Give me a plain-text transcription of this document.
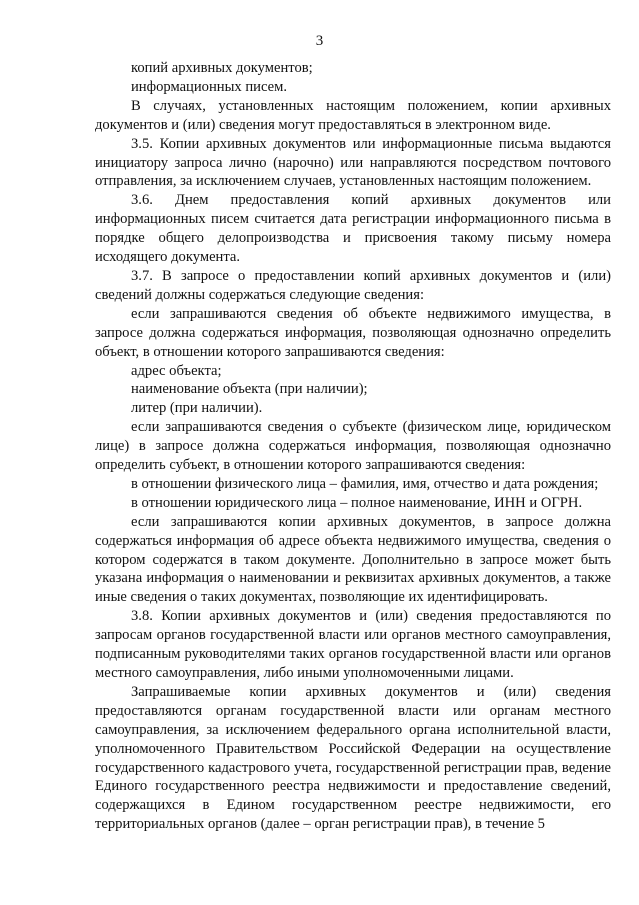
3

копий архивных документов;

информационных писем.

В случаях, установленных настоящим положением, копии архивных документов и (или) сведения могут предоставляться в электронном виде.

3.5. Копии архивных документов или информационные письма выдаются инициатору запроса лично (нарочно) или направляются посредством почтового отправления, за исключением случаев, установленных настоящим положением.

3.6. Днем предоставления копий архивных документов или информационных писем считается дата регистрации информационного письма в порядке общего делопроизводства и присвоения такому письму номера исходящего документа.

3.7. В запросе о предоставлении копий архивных документов и (или) сведений должны содержаться следующие сведения:

если запрашиваются сведения об объекте недвижимого имущества, в запросе должна содержаться информация, позволяющая однозначно определить объект, в отношении которого запрашиваются сведения:

адрес объекта;

наименование объекта (при наличии);

литер (при наличии).

если запрашиваются сведения о субъекте (физическом лице, юридическом лице) в запросе должна содержаться информация, позволяющая однозначно определить субъект, в отношении которого запрашиваются сведения:

в отношении физического лица – фамилия, имя, отчество и дата рождения;

в отношении юридического лица – полное наименование, ИНН и ОГРН.

если запрашиваются копии архивных документов, в запросе должна содержаться информация об адресе объекта недвижимого имущества, сведения о котором содержатся в таком документе. Дополнительно в запросе может быть указана информация о наименовании и реквизитах архивных документов, а также иные сведения о таких документах, позволяющие их идентифицировать.

3.8. Копии архивных документов и (или) сведения предоставляются по запросам органов государственной власти или органов местного самоуправления, подписанным руководителями таких органов государственной власти или органов местного самоуправления, либо иными уполномоченными лицами.

Запрашиваемые копии архивных документов и (или) сведения предоставляются органам государственной власти или органам местного самоуправления, за исключением федерального органа исполнительной власти, уполномоченного Правительством Российской Федерации на осуществление государственного кадастрового учета, государственной регистрации прав, ведение Единого государственного реестра недвижимости и предоставление сведений, содержащихся в Едином государственном реестре недвижимости, его территориальных органов (далее – орган регистрации прав), в течение 5
